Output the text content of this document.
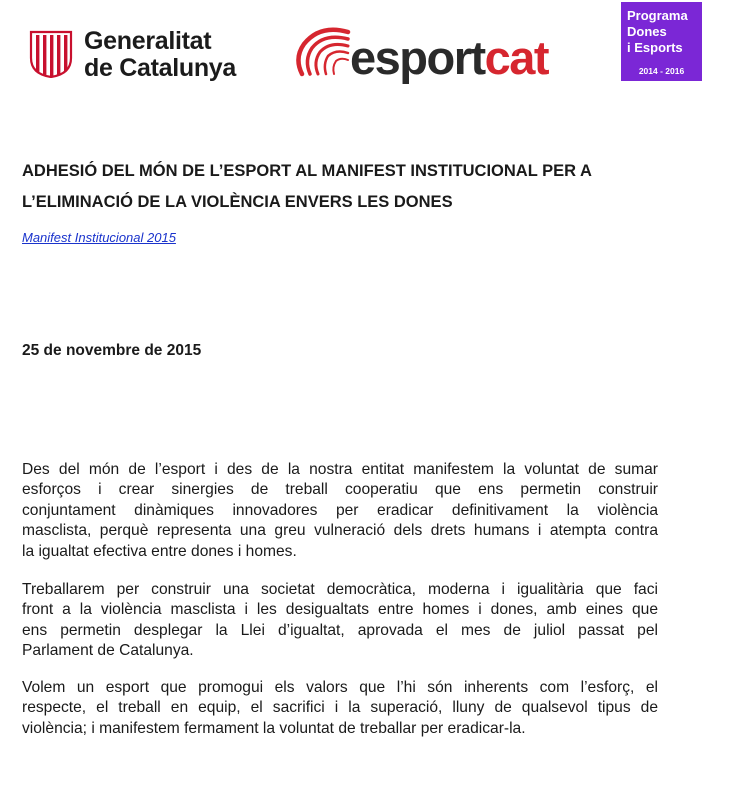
Generalitat
de Catalunya esportcat
Programa
Dones
i Esports
2014 - 2016
ADHESIÓ DEL MÓN DE L’ESPORT AL MANIFEST INSTITUCIONAL PER A
L’ELIMINACIÓ DE LA VIOLÈNCIA ENVERS LES DONES
Manifest Institucional 2015
25 de novembre de 2015
Des del món de l’esport i des de la nostra entitat manifestem la voluntat de sumar
esforços i crear sinergies de treball cooperatiu que ens permetin construir
conjuntament dinàmiques innovadores per eradicar definitivament la violència
masclista, perquè representa una greu vulneració dels drets humans i atempta contra
la igualtat efectiva entre dones i homes.
Treballarem per construir una societat democràtica, moderna i igualitària que faci
front a la violència masclista i les desigualtats entre homes i dones, amb eines que
ens permetin desplegar la Llei d’igualtat, aprovada el mes de juliol passat pel
Parlament de Catalunya.
Volem un esport que promogui els valors que l’hi són inherents com l’esforç, el
respecte, el treball en equip, el sacrifici i la superació, lluny de qualsevol tipus de
violència; i manifestem fermament la voluntat de treballar per eradicar-la.
